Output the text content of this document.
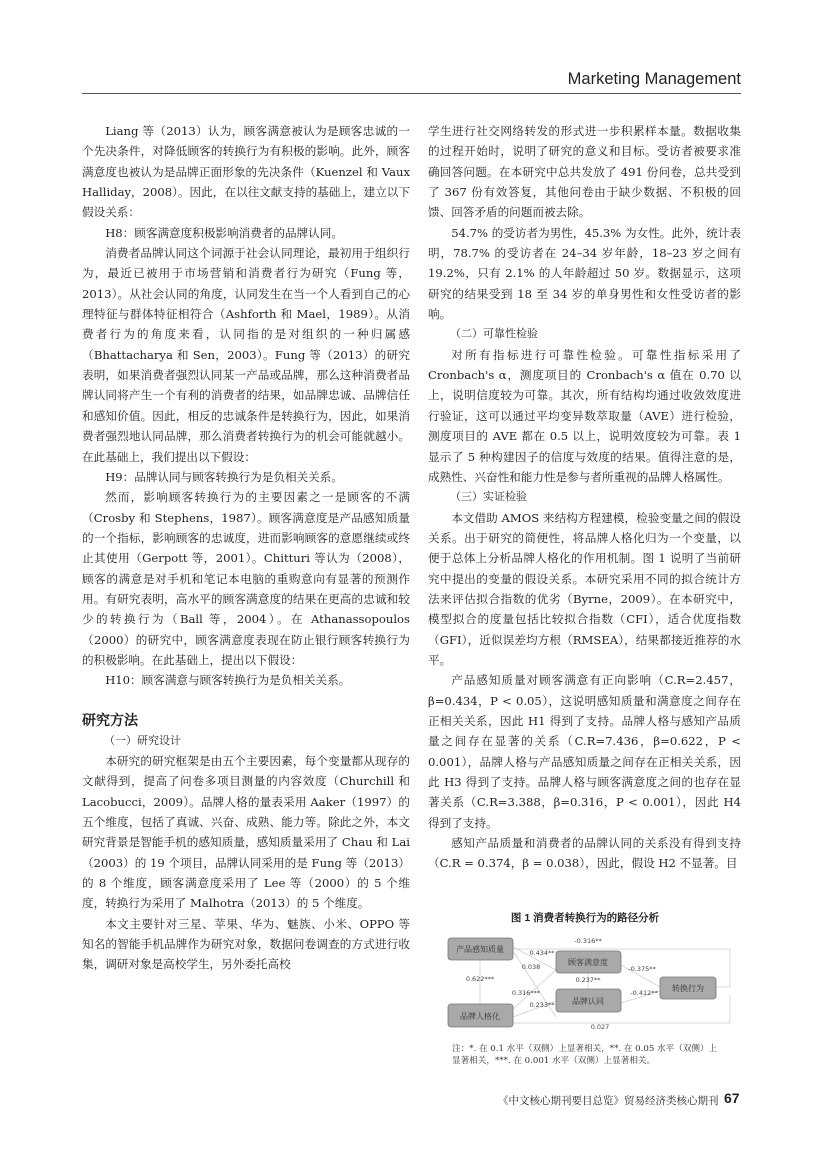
Marketing Management

Liang 等（2013）认为，顾客满意被认为是顾客忠诚的一个先决条件，对降低顾客的转换行为有积极的影响。此外，顾客满意度也被认为是品牌正面形象的先决条件（Kuenzel 和 Vaux Halliday，2008）。因此，在以往文献支持的基础上，建立以下假设关系：

H8：顾客满意度积极影响消费者的品牌认同。

消费者品牌认同这个词源于社会认同理论，最初用于组织行为，最近已被用于市场营销和消费者行为研究（Fung 等，2013）。从社会认同的角度，认同发生在当一个人看到自己的心理特征与群体特征相符合（Ashforth 和 Mael，1989）。从消费者行为的角度来看，认同指的是对组织的一种归属感（Bhattacharya 和 Sen，2003）。Fung 等（2013）的研究表明，如果消费者强烈认同某一产品或品牌，那么这种消费者品牌认同将产生一个有利的消费者的结果，如品牌忠诚、品牌信任和感知价值。因此，相反的忠诚条件是转换行为，因此，如果消费者强烈地认同品牌，那么消费者转换行为的机会可能就越小。在此基础上，我们提出以下假设：

H9：品牌认同与顾客转换行为是负相关关系。

然而，影响顾客转换行为的主要因素之一是顾客的不满（Crosby 和 Stephens，1987）。顾客满意度是产品感知质量的一个指标，影响顾客的忠诚度，进而影响顾客的意愿继续或终止其使用（Gerpott 等，2001）。Chitturi 等认为（2008），顾客的满意是对手机和笔记本电脑的重购意向有显著的预测作用。有研究表明，高水平的顾客满意度的结果在更高的忠诚和较少的转换行为（Ball 等，2004）。在 Athanassopoulos（2000）的研究中，顾客满意度表现在防止银行顾客转换行为的积极影响。在此基础上，提出以下假设：

H10：顾客满意与顾客转换行为是负相关关系。

研究方法

（一）研究设计

本研究的研究框架是由五个主要因素，每个变量都从现存的文献得到，提高了问卷多项目测量的内容效度（Churchill 和 Lacobucci，2009）。品牌人格的量表采用 Aaker（1997）的五个维度，包括了真诚、兴奋、成熟、能力等。除此之外，本文研究背景是智能手机的感知质量，感知质量采用了 Chau 和 Lai（2003）的 19 个项目，品牌认同采用的是 Fung 等（2013）的 8 个维度，顾客满意度采用了 Lee 等（2000）的 5 个维度，转换行为采用了 Malhotra（2013）的 5 个维度。

本文主要针对三星、苹果、华为、魅族、小米、OPPO 等知名的智能手机品牌作为研究对象，数据问卷调查的方式进行收集，调研对象是高校学生，另外委托高校

学生进行社交网络转发的形式进一步积累样本量。数据收集的过程开始时，说明了研究的意义和目标。受访者被要求准确回答问题。在本研究中总共发放了 491 份问卷，总共受到了 367 份有效答复，其他问卷由于缺少数据、不积极的回馈、回答矛盾的问题而被去除。

54.7% 的受访者为男性，45.3% 为女性。此外，统计表明，78.7% 的受访者在 24–34 岁年龄，18–23 岁之间有 19.2%，只有 2.1% 的人年龄超过 50 岁。数据显示，这项研究的结果受到 18 至 34 岁的单身男性和女性受访者的影响。

（二）可靠性检验

对所有指标进行可靠性检验。可靠性指标采用了 Cronbach's α，测度项目的 Cronbach's α 值在 0.70 以上，说明信度较为可靠。其次，所有结构均通过收敛效度进行验证，这可以通过平均变异数萃取量（AVE）进行检验，测度项目的 AVE 都在 0.5 以上，说明效度较为可靠。表 1 显示了 5 种构建因子的信度与效度的结果。值得注意的是，成熟性、兴奋性和能力性是参与者所重视的品牌人格属性。

（三）实证检验

本文借助 AMOS 来结构方程建模，检验变量之间的假设关系。出于研究的简便性，将品牌人格化归为一个变量，以便于总体上分析品牌人格化的作用机制。图 1 说明了当前研究中提出的变量的假设关系。本研究采用不同的拟合统计方法来评估拟合指数的优劣（Byrne，2009）。在本研究中，模型拟合的度量包括比较拟合指数（CFI），适合优度指数（GFI），近似误差均方根（RMSEA），结果都接近推荐的水平。

产品感知质量对顾客满意有正向影响（C.R=2.457，β=0.434，P < 0.05），这说明感知质量和满意度之间存在正相关关系，因此 H1 得到了支持。品牌人格与感知产品质量之间存在显著的关系（C.R=7.436，β=0.622，P < 0.001），品牌人格与产品感知质量之间存在正相关关系，因此 H3 得到了支持。品牌人格与顾客满意度之间的也存在显著关系（C.R=3.388，β=0.316，P < 0.001），因此 H4 得到了支持。

感知产品质量和消费者的品牌认同的关系没有得到支持（C.R = 0.374，β = 0.038），因此，假设 H2 不显著。目

图 1 消费者转换行为的路径分析
产品感知质量
顾客满意度
品牌认同
转换行为
品牌人格化
-0.316**
0.434**
0.038
0.622***	0.237**
-0.375**
-0.412**
0.316***
0.233**
0.027
注：*. 在 0.1 水平（双侧）上显著相关，**. 在 0.05 水平（双侧）上显著相关，***. 在 0.001 水平（双侧）上显著相关。
《中文核心期刊要目总览》贸易经济类核心期刊 67
